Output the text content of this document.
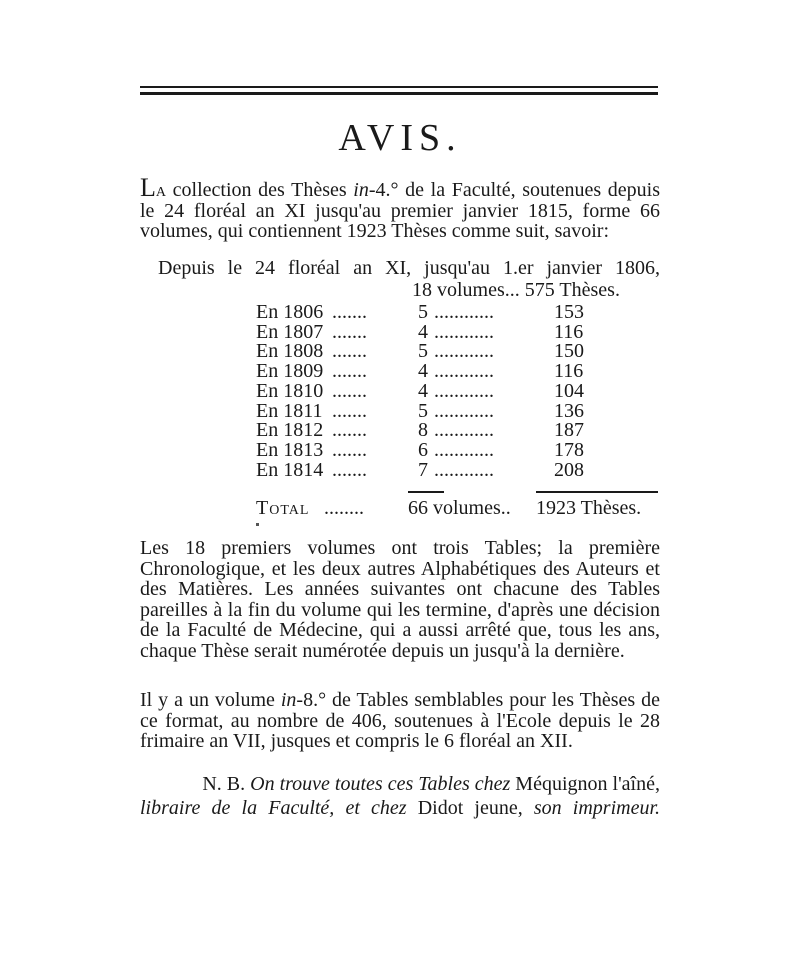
AVIS.
La collection des Thèses in-4.° de la Faculté, soutenues depuis le 24 floréal an XI jusqu'au premier janvier 1815, forme 66 volumes, qui contiennent 1923 Thèses comme suit, savoir:
Depuis le 24 floréal an XI, jusqu'au 1.er janvier 1806,
18 volumes... 575 Thèses.
En 1806 .......	5 ............	153
En 1807 .......	4 ............	116
En 1808 .......	5 ............	150
En 1809 .......	4 ............	116
En 1810 .......	4 ............	104
En 1811 .......	5 ............	136
En 1812 .......	8 ............	187
En 1813 .......	6 ............	178
En 1814 .......	7 ............	208
Total ........ 66 volumes.. 1923 Thèses.
Les 18 premiers volumes ont trois Tables; la première Chronologique, et les deux autres Alphabétiques des Auteurs et des Matières. Les années suivantes ont chacune des Tables pareilles à la fin du volume qui les termine, d'après une décision de la Faculté de Médecine, qui a aussi arrêté que, tous les ans, chaque Thèse serait numérotée depuis un jusqu'à la dernière.
Il y a un volume in-8.° de Tables semblables pour les Thèses de ce format, au nombre de 406, soutenues à l'Ecole depuis le 28 frimaire an VII, jusques et compris le 6 floréal an XII.
N. B. On trouve toutes ces Tables chez Méquignon l'aîné,
libraire de la Faculté, et chez Didot jeune, son imprimeur.
